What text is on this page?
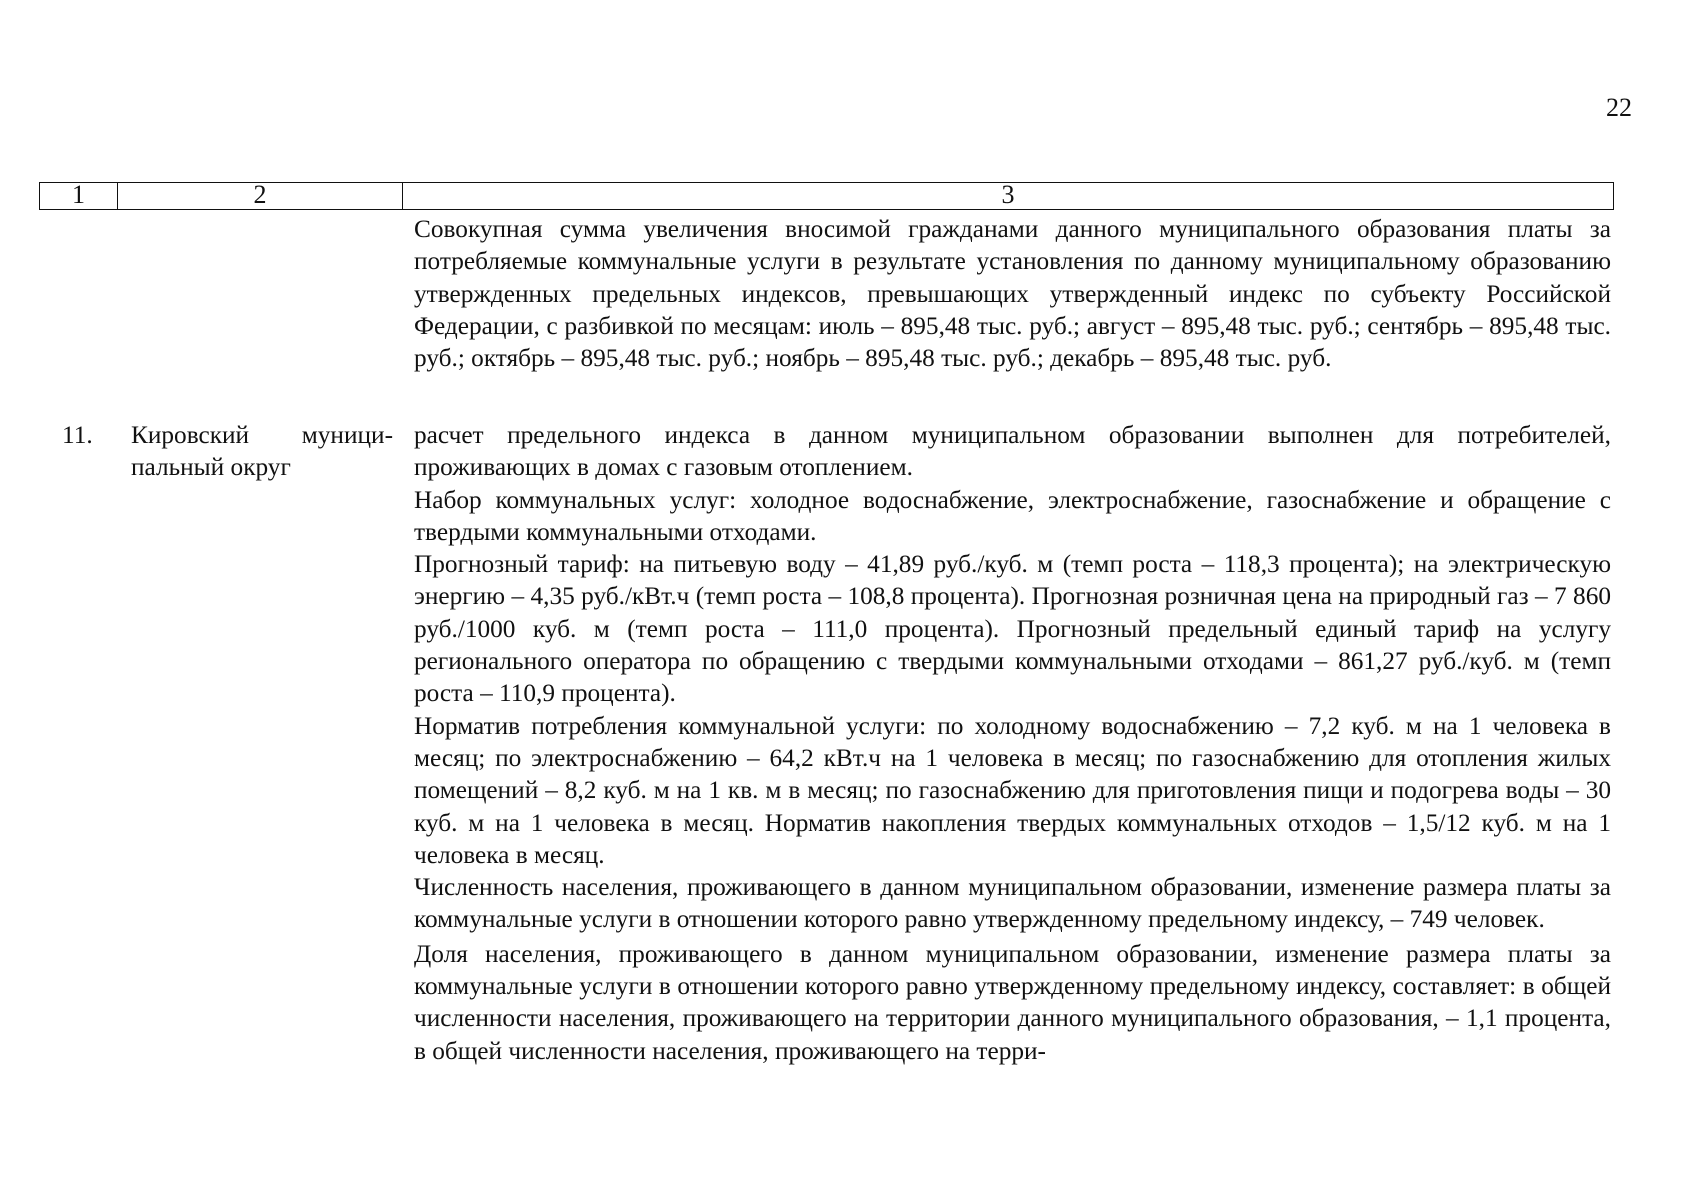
22
1	2	3

Совокупная сумма увеличения вносимой гражданами данного муниципального образования платы за потребляемые коммунальные услуги в результате установления по данному муниципальному образованию утвержденных предельных индексов, превышающих утвержденный индекс по субъекту Российской Федерации, с разбивкой по месяцам: июль – 895,48 тыс. руб.; август – 895,48 тыс. руб.; сентябрь – 895,48 тыс. руб.; октябрь – 895,48 тыс. руб.; ноябрь – 895,48 тыс. руб.; декабрь – 895,48 тыс. руб.

11. Кировский муници-
пальный округ

расчет предельного индекса в данном муниципальном образовании выполнен для потребителей, проживающих в домах с газовым отоплением.

Набор коммунальных услуг: холодное водоснабжение, электроснабжение, газоснабжение и обращение с твердыми коммунальными отходами.

Прогнозный тариф: на питьевую воду – 41,89 руб./куб. м (темп роста – 118,3 процента); на электрическую энергию – 4,35 руб./кВт.ч (темп роста – 108,8 процента). Прогнозная розничная цена на природный газ – 7 860 руб./1000 куб. м (темп роста – 111,0 процента). Прогнозный предельный единый тариф на услугу регионального оператора по обращению с твердыми коммунальными отходами – 861,27 руб./куб. м (темп роста – 110,9 процента).

Норматив потребления коммунальной услуги: по холодному водоснабжению – 7,2 куб. м на 1 человека в месяц; по электроснабжению – 64,2 кВт.ч на 1 человека в месяц; по газоснабжению для отопления жилых помещений – 8,2 куб. м на 1 кв. м в месяц; по газоснабжению для приготовления пищи и подогрева воды – 30 куб. м на 1 человека в месяц. Норматив накопления твердых коммунальных отходов – 1,5/12 куб. м на 1 человека в месяц.

Численность населения, проживающего в данном муниципальном образовании, изменение размера платы за коммунальные услуги в отношении которого равно утвержденному предельному индексу, – 749 человек.

Доля населения, проживающего в данном муниципальном образовании, изменение размера платы за коммунальные услуги в отношении которого равно утвержденному предельному индексу, составляет: в общей численности населения, проживающего на территории данного муниципального образования, – 1,1 процента, в общей численности населения, проживающего на терри-
